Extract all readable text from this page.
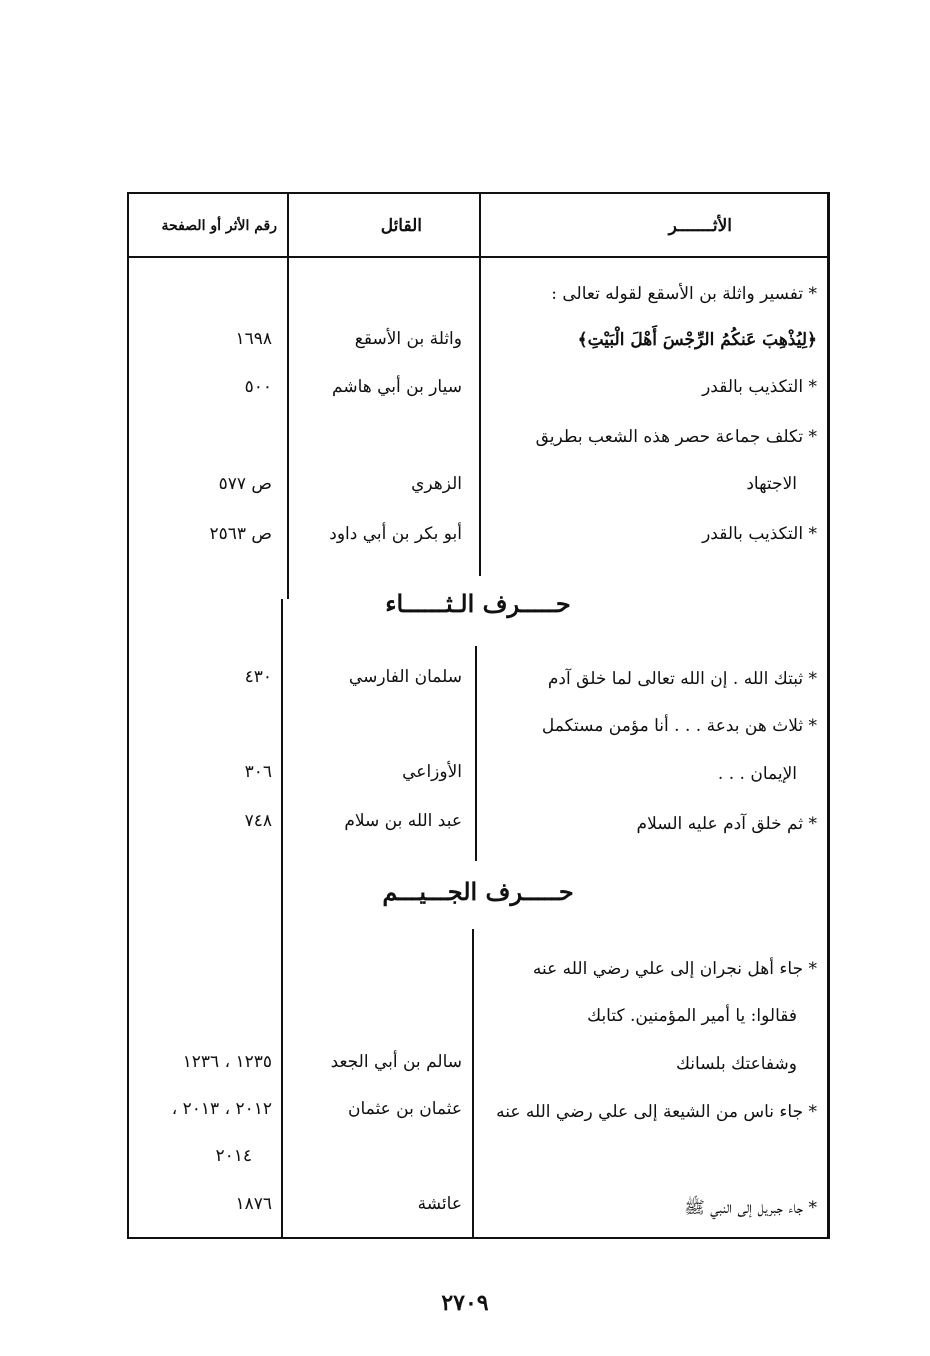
الأثـــــــر
القائل
رقم الأثر أو الصفحة
* تفسير واثلة بن الأسقع لقوله تعالى :
﴿لِيُذْهِبَ عَنكُمُ الرِّجْسَ أَهْلَ الْبَيْتِ﴾
واثلة بن الأسقع
١٦٩٨
* التكذيب بالقدر
سيار بن أبي هاشم
٥٠٠
* تكلف جماعة حصر هذه الشعب بطريق
الاجتهاد
الزهري
ص ٥٧٧
* التكذيب بالقدر
أبو بكر بن أبي داود
ص ٢٥٦٣
حـــــرف الـثــــــاء
* ثبتك الله . إن الله تعالى لما خلق آدم
سلمان الفارسي
٤٣٠
* ثلاث هن بدعة . . . أنا مؤمن مستكمل
الإيمان . . .
الأوزاعي
٣٠٦
* ثم خلق آدم عليه السلام
عبد الله بن سلام
٧٤٨
حـــــرف الجـــيـــم
* جاء أهل نجران إلى علي رضي الله عنه
فقالوا: يا أمير المؤمنين. كتابك
وشفاعتك بلسانك
سالم بن أبي الجعد
١٢٣٥ ، ١٢٣٦
* جاء ناس من الشيعة إلى علي رضي الله عنه
عثمان بن عثمان
٢٠١٢ ، ٢٠١٣ ،
٢٠١٤
* جاء جبريل إلى النبي ﷺ
عائشة
١٨٧٦
٢٧٠٩
